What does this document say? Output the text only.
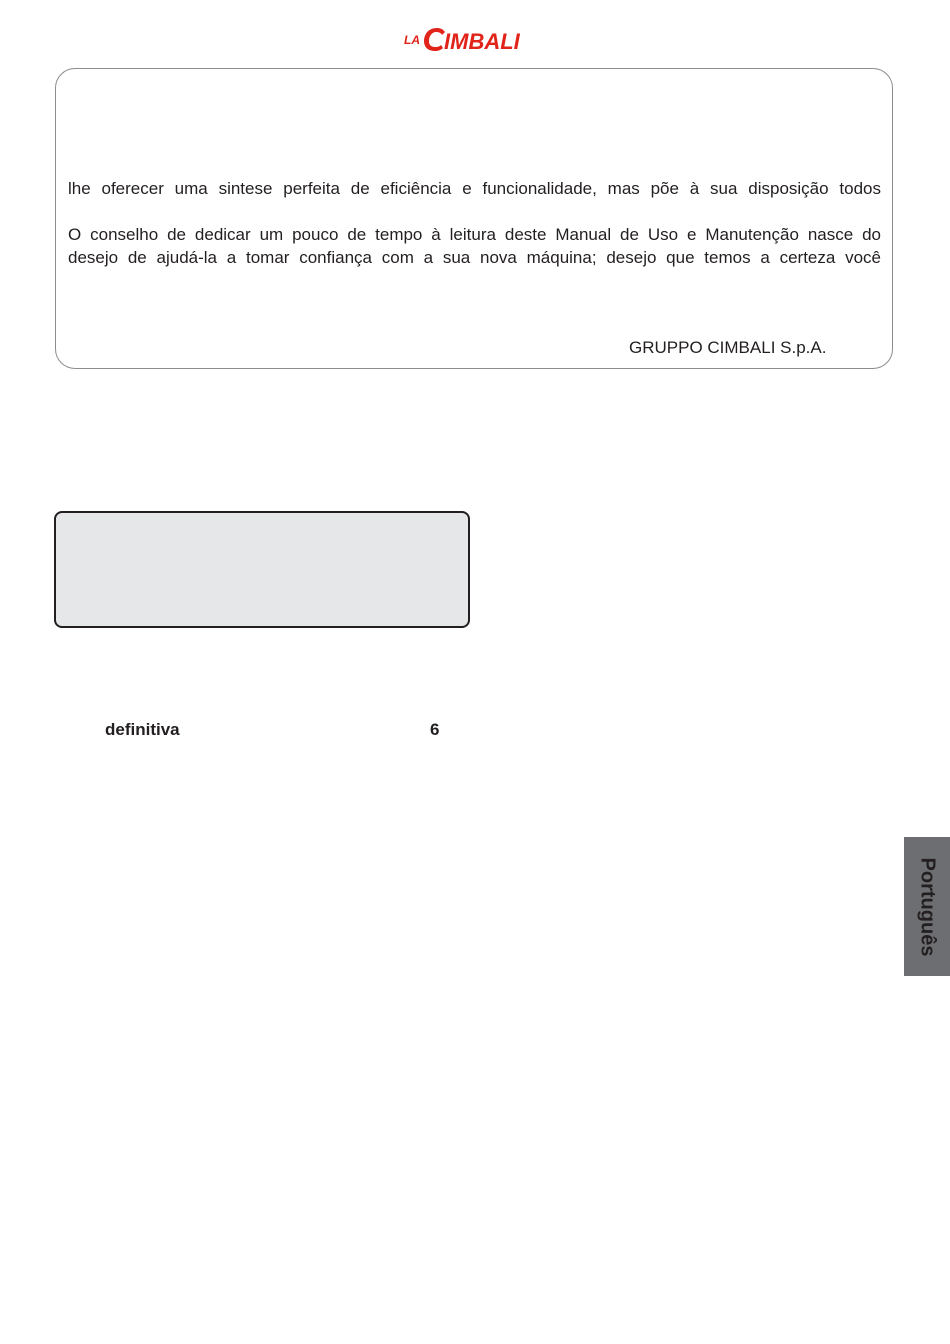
LA IMBALI

lhe oferecer uma sintese perfeita de eficiência e funcionalidade, mas põe à sua disposição todos

O conselho de dedicar um pouco de tempo à leitura deste Manual de Uso e Manutenção nasce do

desejo de ajudá-la a tomar confiança com a sua nova máquina; desejo que temos a certeza você

GRUPPO CIMBALI S.p.A.
definitiva	6
Português
